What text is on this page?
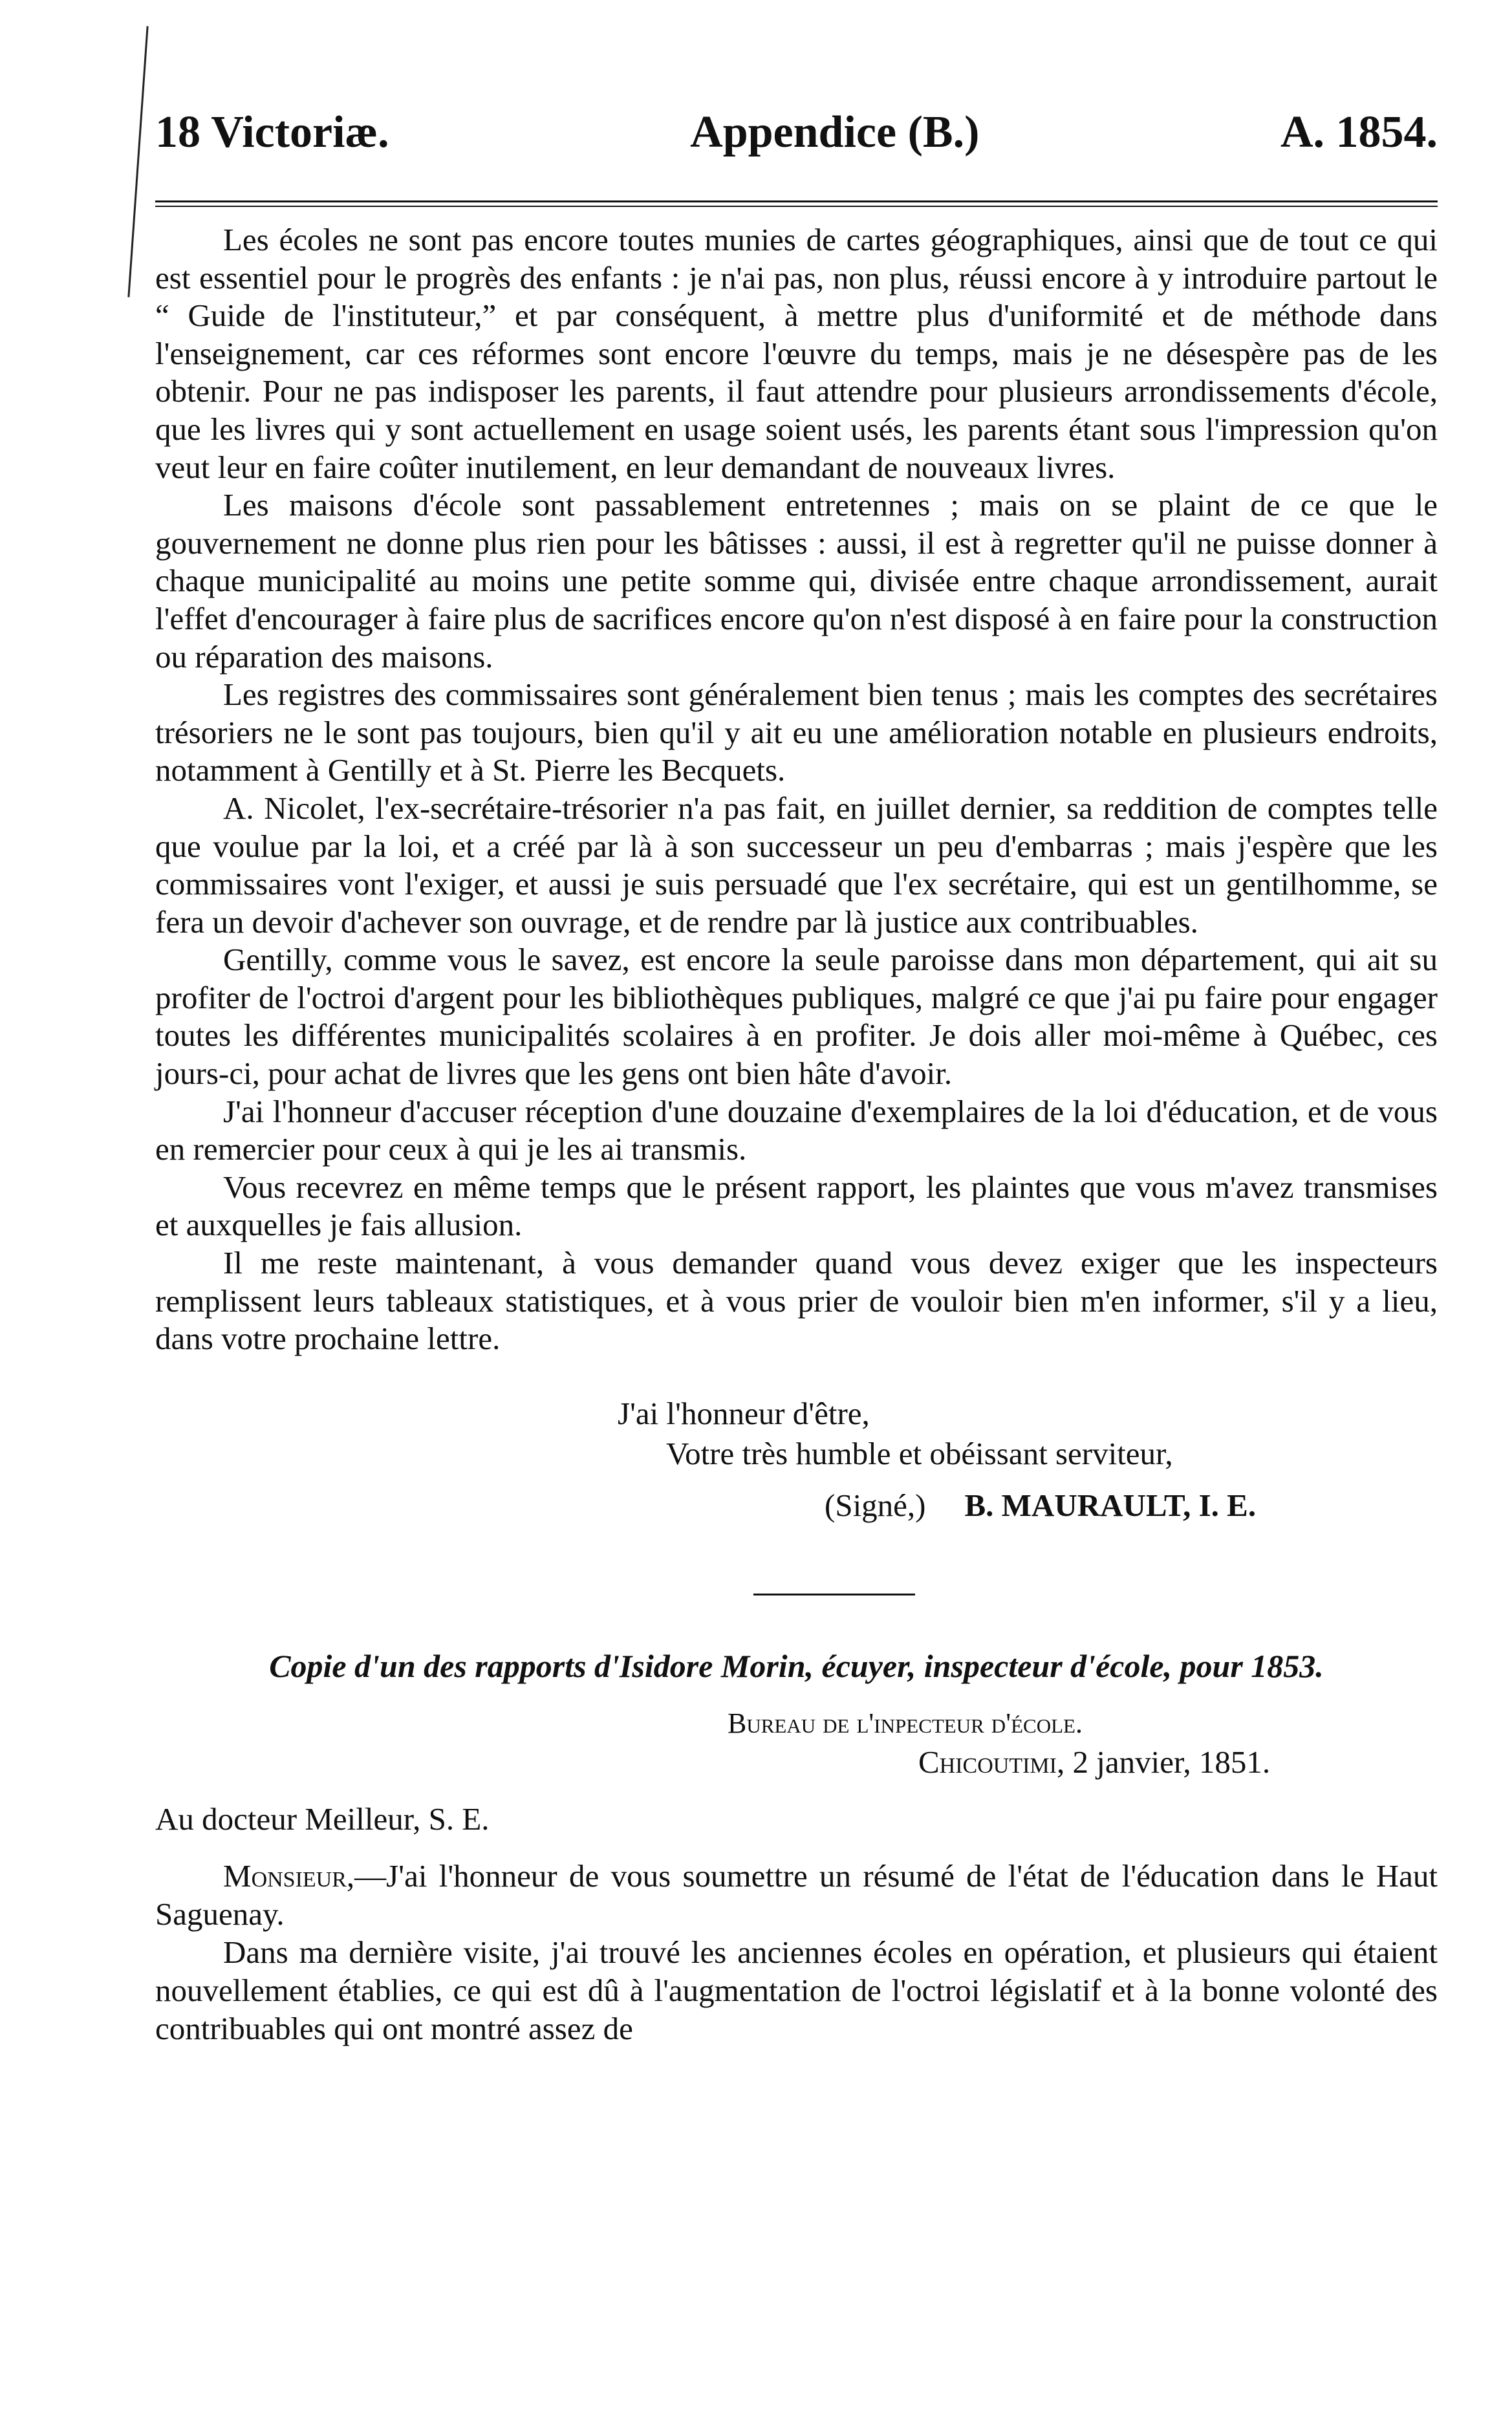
18 Victoriæ.	Appendice (B.)	A. 1854.

Les écoles ne sont pas encore toutes munies de cartes géographiques, ainsi que de tout ce qui est essentiel pour le progrès des enfants : je n'ai pas, non plus, réussi encore à y introduire partout le “ Guide de l'instituteur,” et par conséquent, à mettre plus d'uniformité et de méthode dans l'enseignement, car ces réformes sont encore l'œuvre du temps, mais je ne désespère pas de les obtenir. Pour ne pas indisposer les parents, il faut attendre pour plusieurs arrondissements d'école, que les livres qui y sont actuellement en usage soient usés, les parents étant sous l'impression qu'on veut leur en faire coûter inutilement, en leur demandant de nouveaux livres.

Les maisons d'école sont passablement entretennes ; mais on se plaint de ce que le gouvernement ne donne plus rien pour les bâtisses : aussi, il est à regretter qu'il ne puisse donner à chaque municipalité au moins une petite somme qui, divisée entre chaque arrondissement, aurait l'effet d'encourager à faire plus de sacrifices encore qu'on n'est disposé à en faire pour la construction ou réparation des maisons.

Les registres des commissaires sont généralement bien tenus ; mais les comptes des secrétaires trésoriers ne le sont pas toujours, bien qu'il y ait eu une amélioration notable en plusieurs endroits, notamment à Gentilly et à St. Pierre les Becquets.

A. Nicolet, l'ex-secrétaire-trésorier n'a pas fait, en juillet dernier, sa reddition de comptes telle que voulue par la loi, et a créé par là à son successeur un peu d'embarras ; mais j'espère que les commissaires vont l'exiger, et aussi je suis persuadé que l'ex secrétaire, qui est un gentilhomme, se fera un devoir d'achever son ouvrage, et de rendre par là justice aux contribuables.

Gentilly, comme vous le savez, est encore la seule paroisse dans mon département, qui ait su profiter de l'octroi d'argent pour les bibliothèques publiques, malgré ce que j'ai pu faire pour engager toutes les différentes municipalités scolaires à en profiter. Je dois aller moi-même à Québec, ces jours-ci, pour achat de livres que les gens ont bien hâte d'avoir.

J'ai l'honneur d'accuser réception d'une douzaine d'exemplaires de la loi d'éducation, et de vous en remercier pour ceux à qui je les ai transmis.

Vous recevrez en même temps que le présent rapport, les plaintes que vous m'avez transmises et auxquelles je fais allusion.

Il me reste maintenant, à vous demander quand vous devez exiger que les inspecteurs remplissent leurs tableaux statistiques, et à vous prier de vouloir bien m'en informer, s'il y a lieu, dans votre prochaine lettre.

J'ai l'honneur d'être,
Votre très humble et obéissant serviteur,
(Signé,) B. MAURAULT, I. E.
Copie d'un des rapports d'Isidore Morin, écuyer, inspecteur d'école, pour 1853.
Bureau de l'inpecteur d'école.
Chicoutimi, 2 janvier, 1851.
Au docteur Meilleur, S. E.

Monsieur,—J'ai l'honneur de vous soumettre un résumé de l'état de l'éducation dans le Haut Saguenay.

Dans ma dernière visite, j'ai trouvé les anciennes écoles en opération, et plusieurs qui étaient nouvellement établies, ce qui est dû à l'augmentation de l'octroi législatif et à la bonne volonté des contribuables qui ont montré assez de
